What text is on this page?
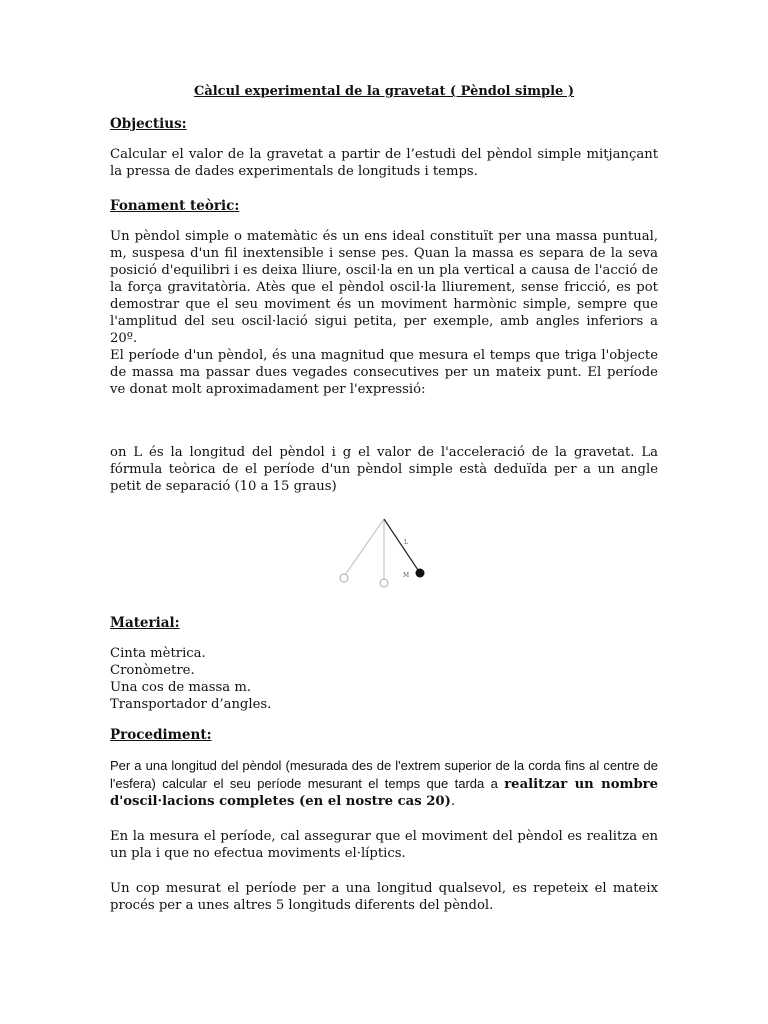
Càlcul experimental de la gravetat ( Pèndol simple )
Objectius:

Calcular el valor de la gravetat a partir de l’estudi del pèndol simple mitjançant la pressa de dades experimentals de longituds i temps.

Fonament teòric:

Un pèndol simple o matemàtic és un ens ideal constituït per una massa puntual, m, suspesa d'un fil inextensible i sense pes. Quan la massa es separa de la seva posició d'equilibri i es deixa lliure, oscil·la en un pla vertical a causa de l'acció de la força gravitatòria. Atès que el pèndol oscil·la lliurement, sense fricció, es pot demostrar que el seu moviment és un moviment harmònic simple, sempre que l'amplitud del seu oscil·lació sigui petita, per exemple, amb angles inferiors a 20º.

El període d'un pèndol, és una magnitud que mesura el temps que triga l'objecte de massa ma passar dues vegades consecutives per un mateix punt. El període ve donat molt aproximadament per l'expressió:

on L és la longitud del pèndol i g el valor de l'acceleració de la gravetat. La fórmula teòrica de el període d'un pèndol simple està deduïda per a un angle petit de separació (10 a 15 graus)

L
M
Material:

Cinta mètrica.

Cronòmetre.

Una cos de massa m.

Transportador d’angles.

Procediment:

Per a una longitud del pèndol (mesurada des de l'extrem superior de la corda fins al centre de l'esfera) calcular el seu període mesurant el temps que tarda a realitzar un nombre d'oscil·lacions completes (en el nostre cas 20).

En la mesura el període, cal assegurar que el moviment del pèndol es realitza en un pla i que no efectua moviments el·líptics.

Un cop mesurat el període per a una longitud qualsevol, es repeteix el mateix procés per a unes altres 5 longituds diferents del pèndol.
